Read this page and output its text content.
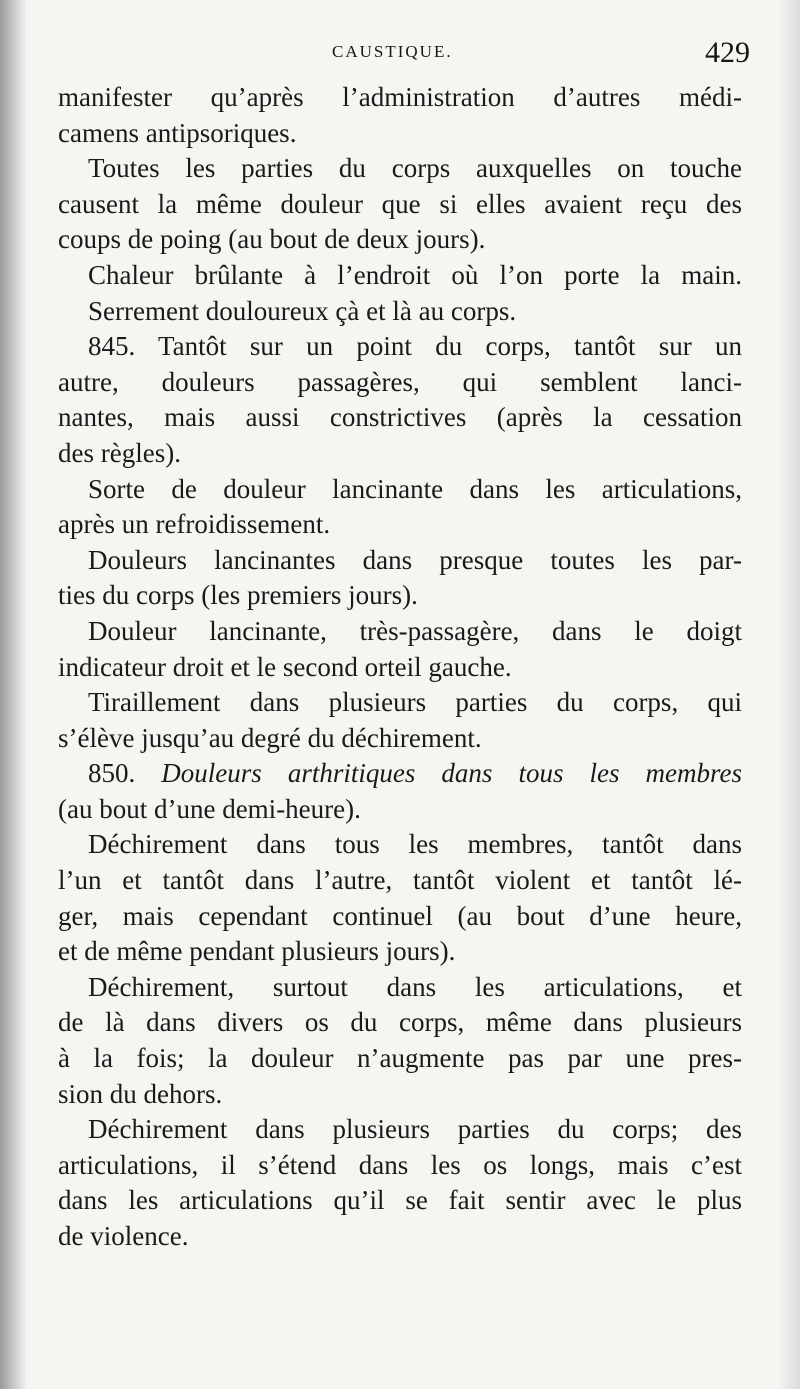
CAUSTIQUE.	429
manifester qu’après l’administration d’autres médi-
camens antipsoriques.
Toutes les parties du corps auxquelles on touche
causent la même douleur que si elles avaient reçu des
coups de poing (au bout de deux jours).
Chaleur brûlante à l’endroit où l’on porte la main.
Serrement douloureux çà et là au corps.
845. Tantôt sur un point du corps, tantôt sur un
autre, douleurs passagères, qui semblent lanci-
nantes, mais aussi constrictives (après la cessation
des règles).
Sorte de douleur lancinante dans les articulations,
après un refroidissement.
Douleurs lancinantes dans presque toutes les par-
ties du corps (les premiers jours).
Douleur lancinante, très-passagère, dans le doigt
indicateur droit et le second orteil gauche.
Tiraillement dans plusieurs parties du corps, qui
s’élève jusqu’au degré du déchirement.
850. Douleurs arthritiques dans tous les membres
(au bout d’une demi-heure).
Déchirement dans tous les membres, tantôt dans
l’un et tantôt dans l’autre, tantôt violent et tantôt lé-
ger, mais cependant continuel (au bout d’une heure,
et de même pendant plusieurs jours).
Déchirement, surtout dans les articulations, et
de là dans divers os du corps, même dans plusieurs
à la fois; la douleur n’augmente pas par une pres-
sion du dehors.
Déchirement dans plusieurs parties du corps; des
articulations, il s’étend dans les os longs, mais c’est
dans les articulations qu’il se fait sentir avec le plus
de violence.
